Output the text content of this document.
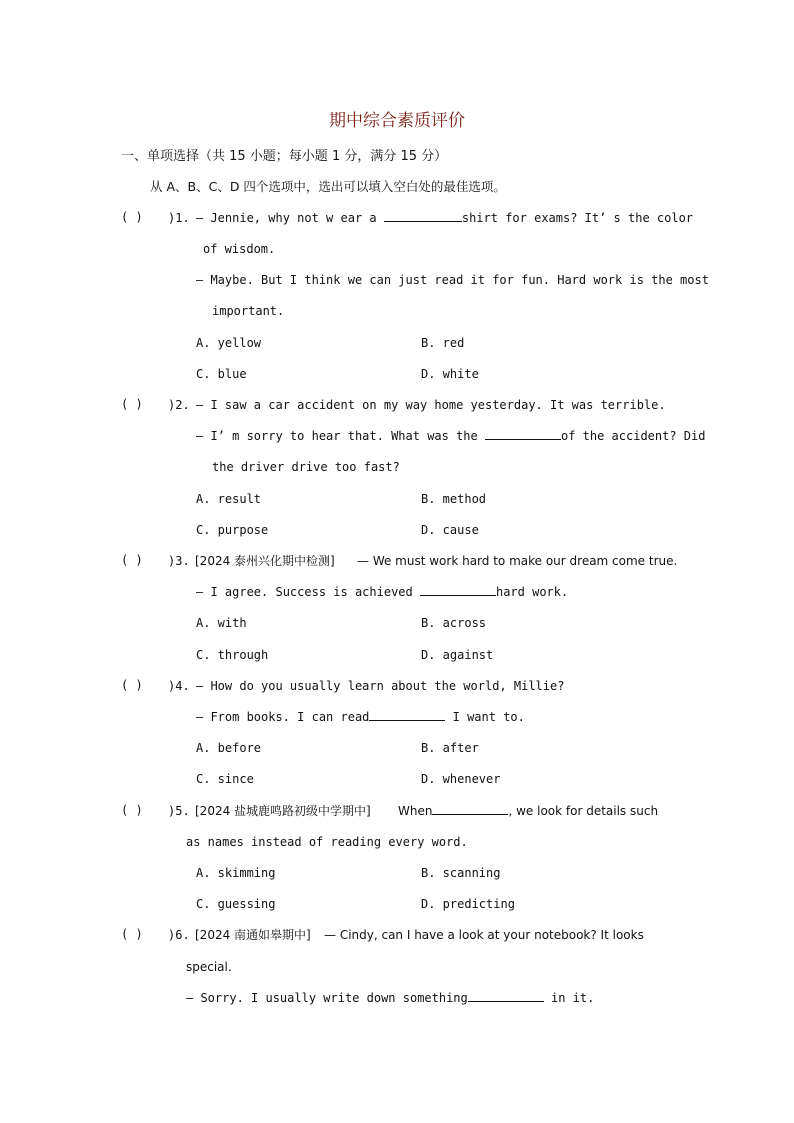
期中综合素质评价
一、单项选择（共 15 小题；每小题 1 分，满分 15 分）
从 A、B、C、D 四个选项中，选出可以填入空白处的最佳选项。
( ) )1. — Jennie, why not w ear a	shirt for exams? It’ s the color
of wisdom.
— Maybe. But I think we can just read it for fun. Hard work is the most
important.
A. yellow	B. red
C. blue	D. white
( ) )2. — I saw a car accident on my way home yesterday. It was terrible.
— I’ m sorry to hear that. What was the	of the accident? Did
the driver drive too fast?
A. result	B. method
C. purpose	D. cause
( ) )3. [2024 泰州兴化期中检测] — We must work hard to make our dream come true.
— I agree. Success is achieved	hard work.
A. with	B. across
C. through	D. against
( ) )4. — How do you usually learn about the world, Millie?
— From books. I can read	I want to.
A. before	B. after
C. since	D. whenever
( ) )5. [2024 盐城鹿鸣路初级中学期中] When	, we look for details such
as names instead of reading every word.
A. skimming	B. scanning
C. guessing	D. predicting
( ) )6. [2024 南通如皋期中] — Cindy, can I have a look at your notebook? It looks
special.
— Sorry. I usually write down something	in it.
